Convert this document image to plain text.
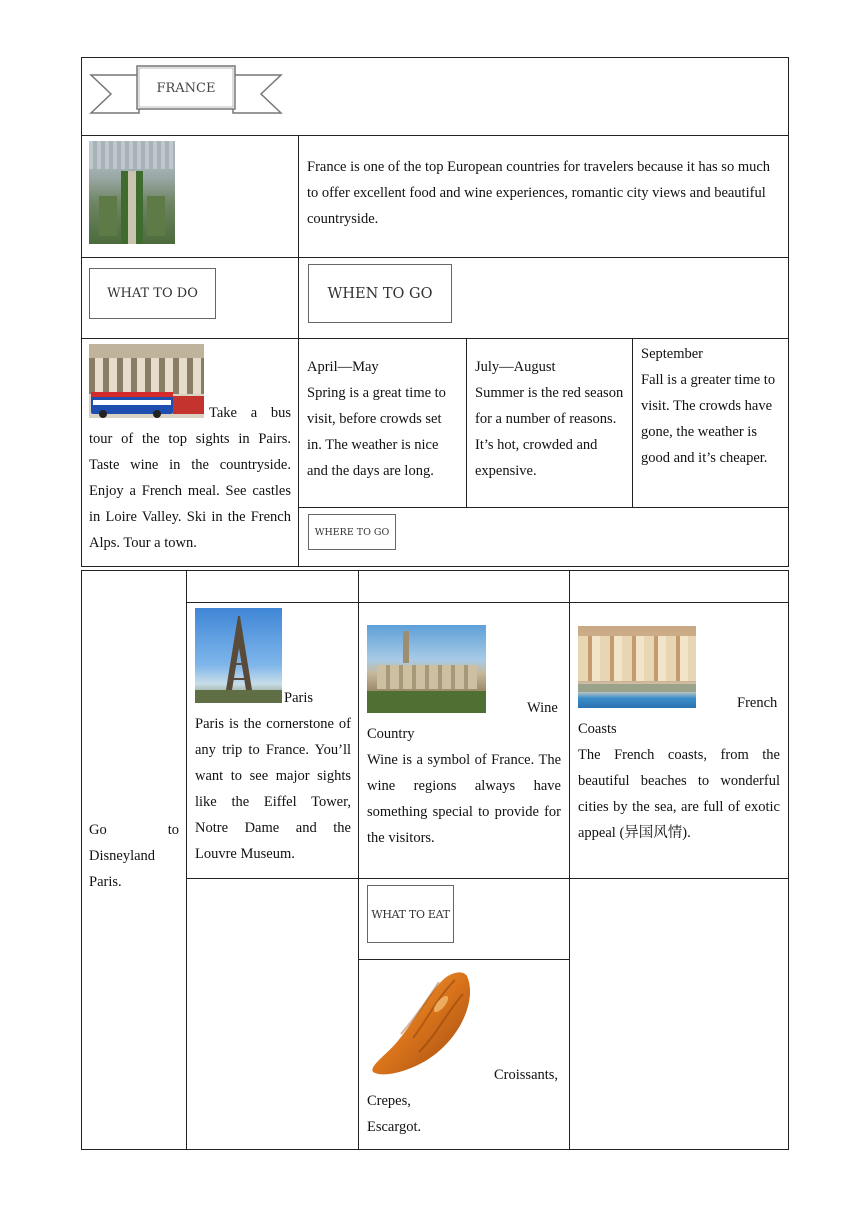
FRANCE
France is one of the top European countries for travelers because it has so much to offer excellent food and wine experiences, romantic city views and beautiful countryside.
WHAT TO DO	WHEN TO GO
Take a bus tour of the top sights in Pairs. Taste wine in the countryside. Enjoy a French meal. See castles in Loire Valley. Ski in the French Alps. Tour a town.
April—May
Spring is a great time to visit, before crowds set in. The weather is nice and the days are long.
July—August
Summer is the red season for a number of reasons. It’s hot, crowded and expensive.
September
Fall is a greater time to visit. The crowds have gone, the weather is good and it’s cheaper.
WHERE TO GO
Go to Disneyland Paris.
Paris
Paris is the cornerstone of any trip to France. You’ll want to see major sights like the Eiffel Tower, Notre Dame and the Louvre Museum.
Wine
Country
Wine is a symbol of France. The wine regions always have something special to provide for the visitors.
French
Coasts
The French coasts, from the beautiful beaches to wonderful cities by the sea, are full of exotic appeal (异国风情).
WHAT TO EAT
Croissants,
Crepes,
Escargot.
